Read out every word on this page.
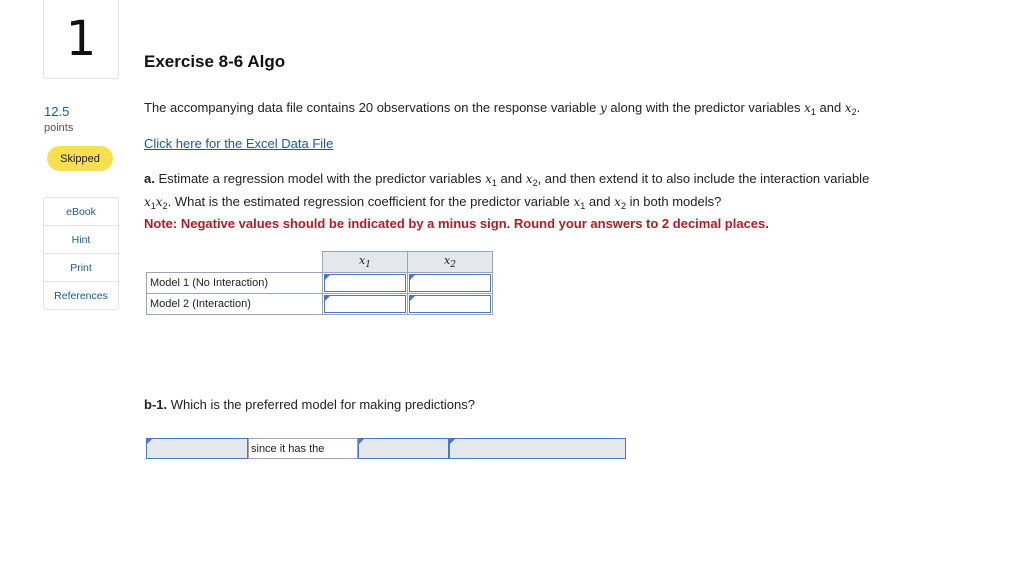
1	Exercise 8-6 Algo
12.5
points
Skipped
eBook
Hint
Print
References
The accompanying data file contains 20 observations on the response variable y along with the predictor variables $x_1$ and $x_2$.
Click here for the Excel Data File
a. Estimate a regression model with the predictor variables $x_1$ and $x_2$, and then extend it to also include the interaction variable
$x_1x_2$. What is the estimated regression coefficient for the predictor variable $x_1$ and $x_2$ in both models?
Note: Negative values should be indicated by a minus sign. Round your answers to 2 decimal places.
	$x_1$	$x_2$
Model 1 (No Interaction)	

Model 2 (Interaction)	

b-1. Which is the preferred model for making predictions?
since it has the
